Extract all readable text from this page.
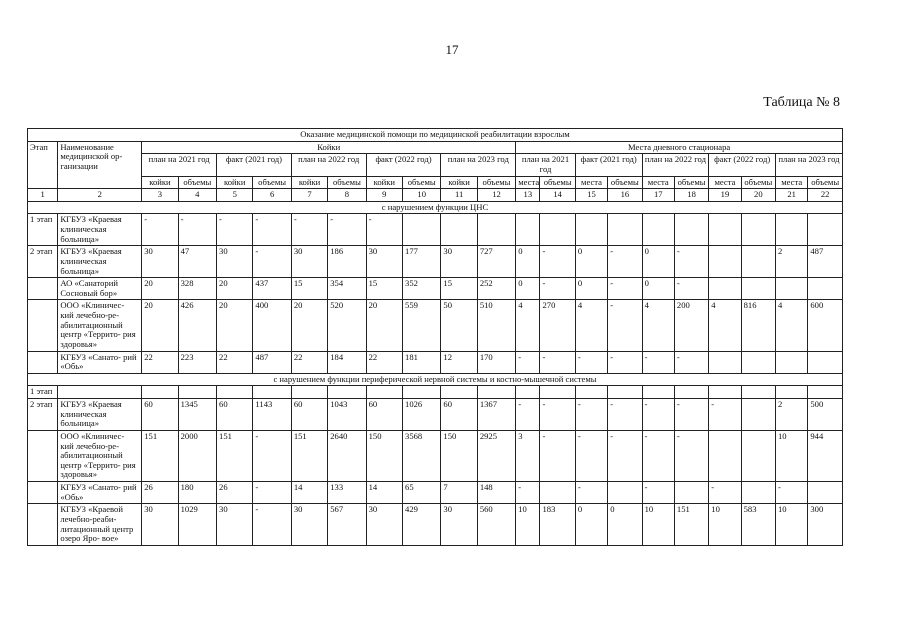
17
Таблица № 8
Оказание медицинской помощи по медицинской реабилитации взрослым																					
Этап	Наименование медицинской ор- ганизации	Койки										Места дневного стационара									
		план на 2021 год		факт (2021 год)		план на 2022 год		факт (2022 год)		план на 2023 год		план на 2021 год		факт (2021 год)		план на 2022 год		факт (2022 год)		план на 2023 год	
		койки	объемы	койки	объемы	койки	объемы	койки	объемы	койки	объемы	места	объемы	места	объемы	места	объемы	места	объемы	места	объемы
1	2	3	4	5	6	7	8	9	10	11	12	13	14	15	16	17	18	19	20	21	22
с нарушением функции ЦНС																					
1 этап	КГБУЗ «Краевая клиническая больница»	-	-	-	-	-	-	-													
2 этап	КГБУЗ «Краевая клиническая больница»	30	47	30	-	30	186	30	177	30	727	0	-	0	-	0	-			2	487
	АО «Санаторий Сосновый бор»	20	328	20	437	15	354	15	352	15	252	0	-	0	-	0	-				
	ООО «Клиничес- кий лечебно-ре- абилитационный центр «Террито- рия здоровья»	20	426	20	400	20	520	20	559	50	510	4	270	4	-	4	200	4	816	4	600
	КГБУЗ «Санато- рий «Обь»	22	223	22	487	22	184	22	181	12	170	-	-	-	-	-	-				
с нарушением функции периферической нервной системы и костно-мышечной системы																					
1 этап																					
2 этап	КГБУЗ «Краевая клиническая больница»	60	1345	60	1143	60	1043	60	1026	60	1367	-	-	-	-	-	-	-		2	500
	ООО «Клиничес- кий лечебно-ре- абилитационный центр «Террито- рия здоровья»	151	2000	151	-	151	2640	150	3568	150	2925	3	-	-	-	-	-			10	944
	КГБУЗ «Санато- рий «Обь»	26	180	26	-	14	133	14	65	7	148	-		-		-		-		-	
	КГБУЗ «Краевой лечебно-реаби- литационный центр озеро Яро- вое»	30	1029	30	-	30	567	30	429	30	560	10	183	0	0	10	151	10	583	10	300
